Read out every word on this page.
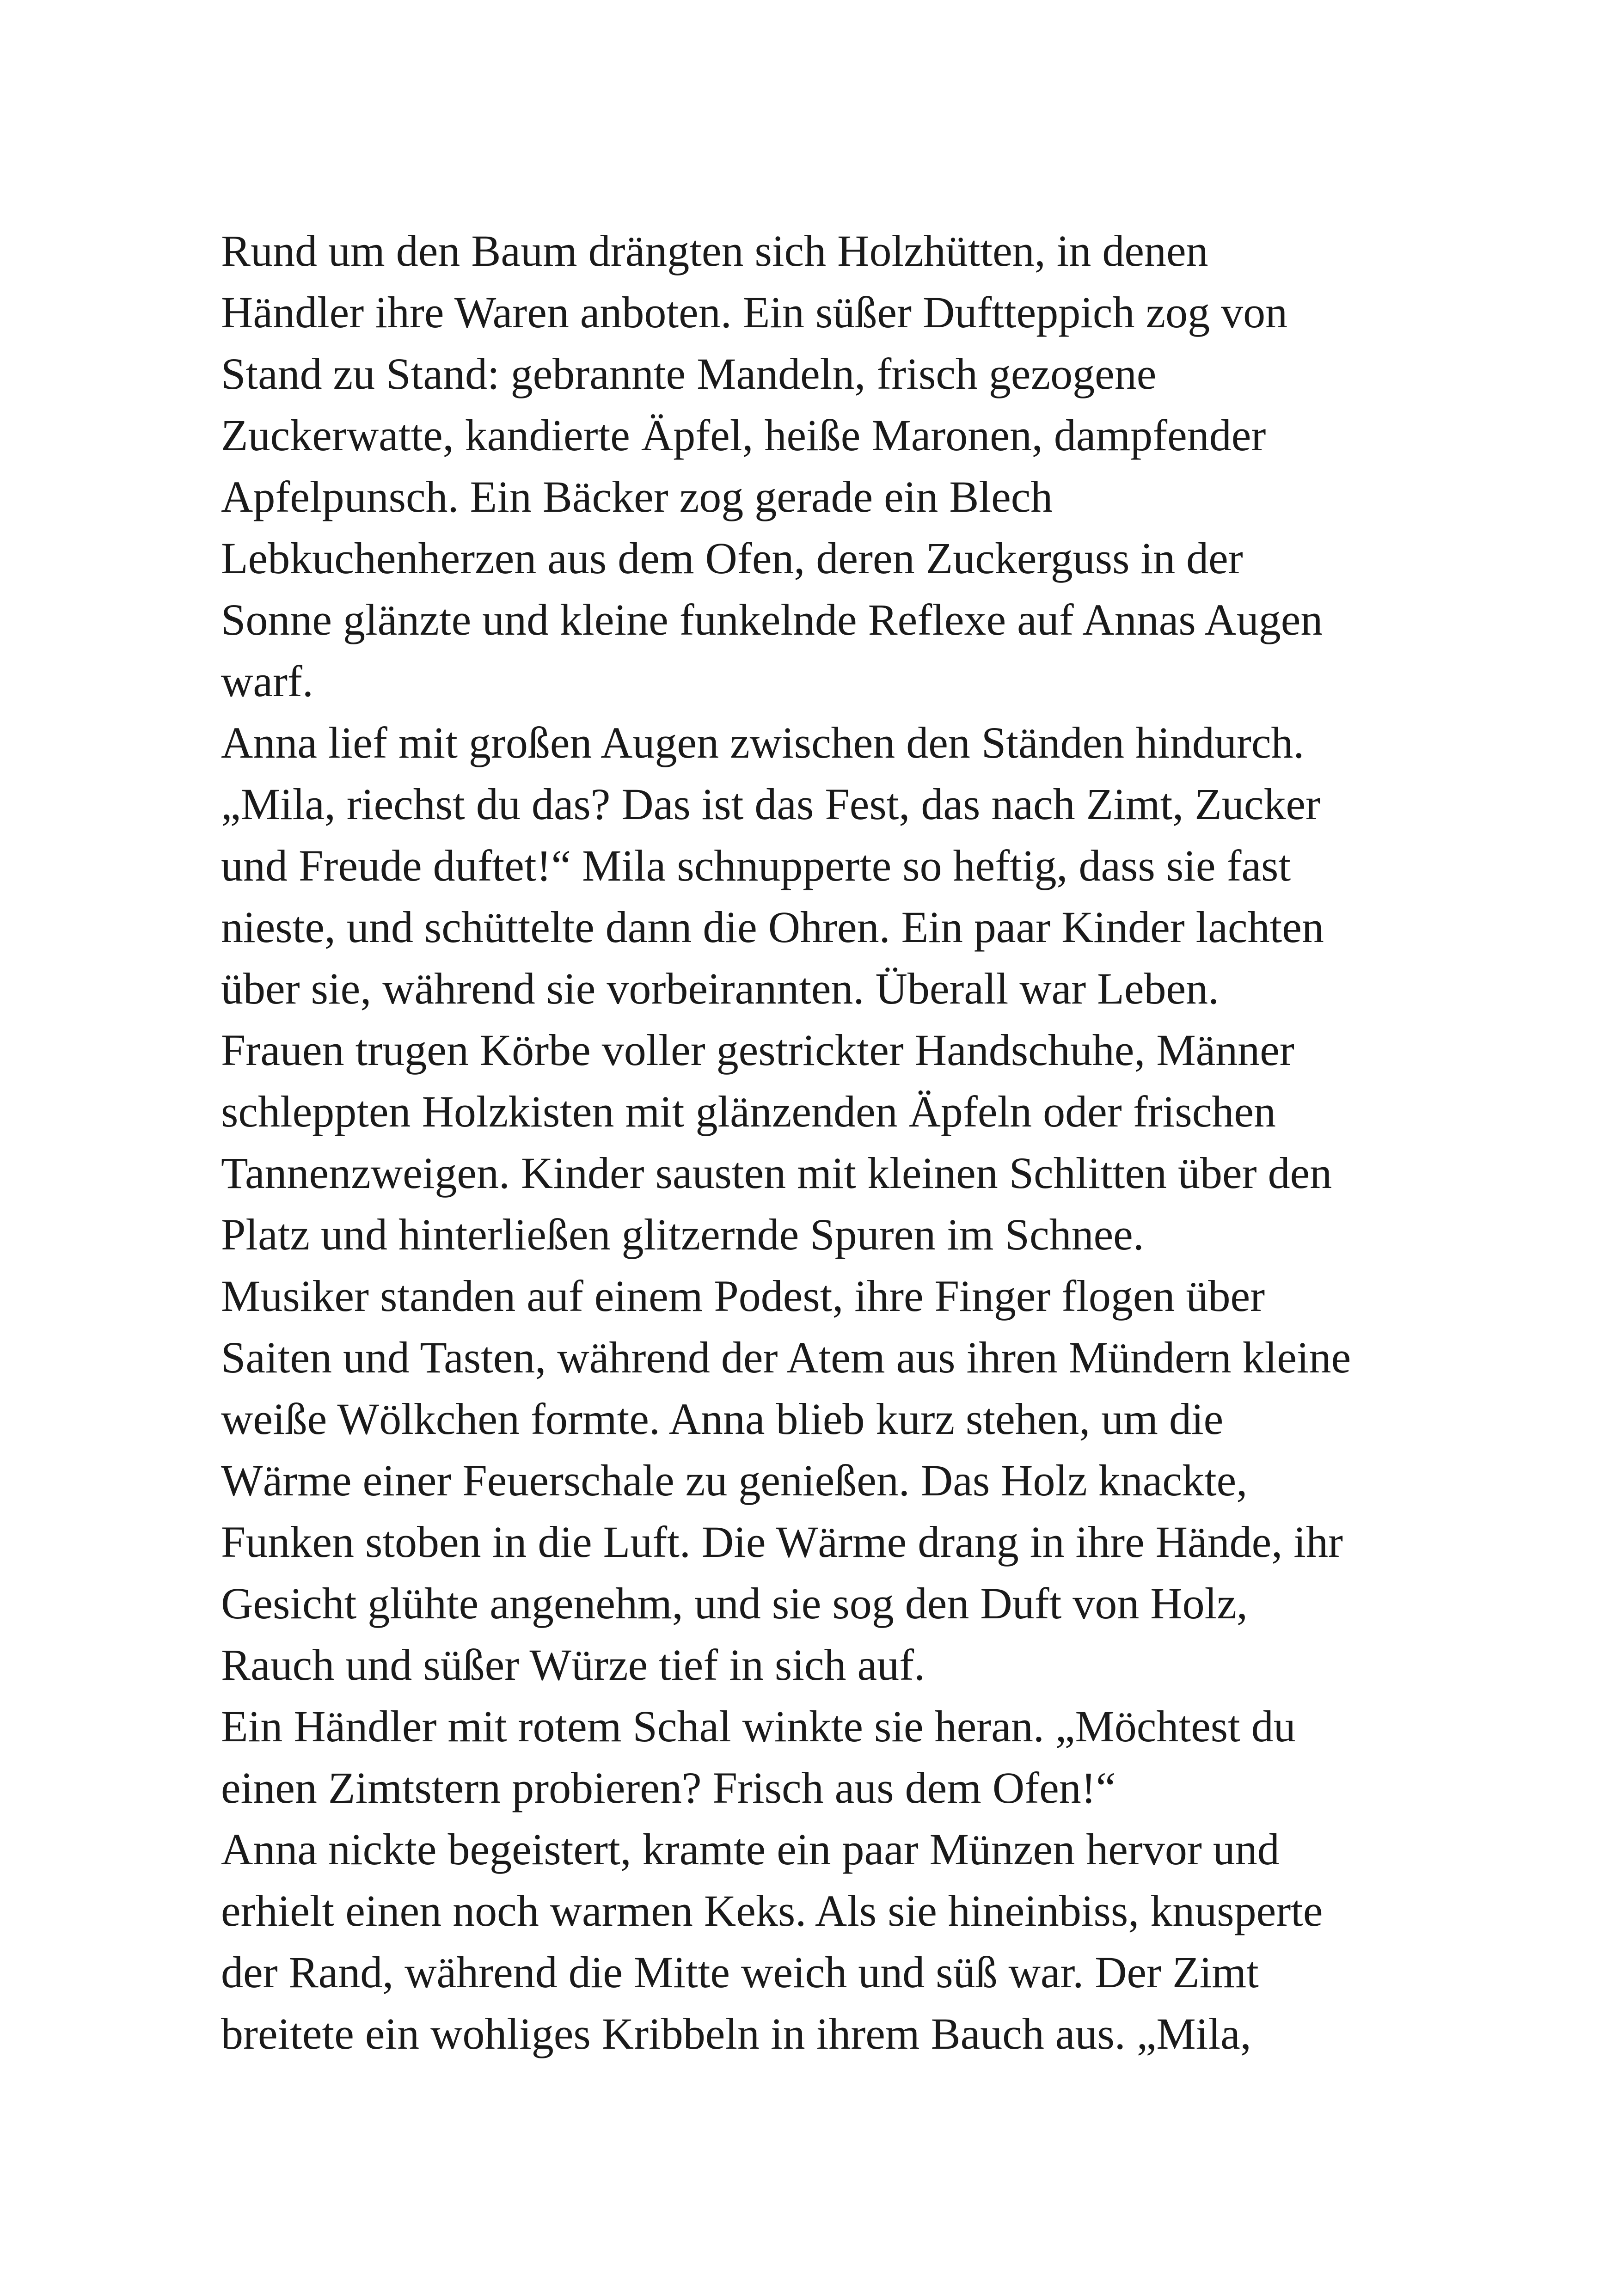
Rund um den Baum drängten sich Holzhütten, in denen
Händler ihre Waren anboten. Ein süßer Duftteppich zog von
Stand zu Stand: gebrannte Mandeln, frisch gezogene
Zuckerwatte, kandierte Äpfel, heiße Maronen, dampfender
Apfelpunsch. Ein Bäcker zog gerade ein Blech
Lebkuchenherzen aus dem Ofen, deren Zuckerguss in der
Sonne glänzte und kleine funkelnde Reflexe auf Annas Augen
warf.
Anna lief mit großen Augen zwischen den Ständen hindurch.
„Mila, riechst du das? Das ist das Fest, das nach Zimt, Zucker
und Freude duftet!“ Mila schnupperte so heftig, dass sie fast
nieste, und schüttelte dann die Ohren. Ein paar Kinder lachten
über sie, während sie vorbeirannten. Überall war Leben.
Frauen trugen Körbe voller gestrickter Handschuhe, Männer
schleppten Holzkisten mit glänzenden Äpfeln oder frischen
Tannenzweigen. Kinder sausten mit kleinen Schlitten über den
Platz und hinterließen glitzernde Spuren im Schnee.
Musiker standen auf einem Podest, ihre Finger flogen über
Saiten und Tasten, während der Atem aus ihren Mündern kleine
weiße Wölkchen formte. Anna blieb kurz stehen, um die
Wärme einer Feuerschale zu genießen. Das Holz knackte,
Funken stoben in die Luft. Die Wärme drang in ihre Hände, ihr
Gesicht glühte angenehm, und sie sog den Duft von Holz,
Rauch und süßer Würze tief in sich auf.
Ein Händler mit rotem Schal winkte sie heran. „Möchtest du
einen Zimtstern probieren? Frisch aus dem Ofen!“
Anna nickte begeistert, kramte ein paar Münzen hervor und
erhielt einen noch warmen Keks. Als sie hineinbiss, knusperte
der Rand, während die Mitte weich und süß war. Der Zimt
breitete ein wohliges Kribbeln in ihrem Bauch aus. „Mila,
